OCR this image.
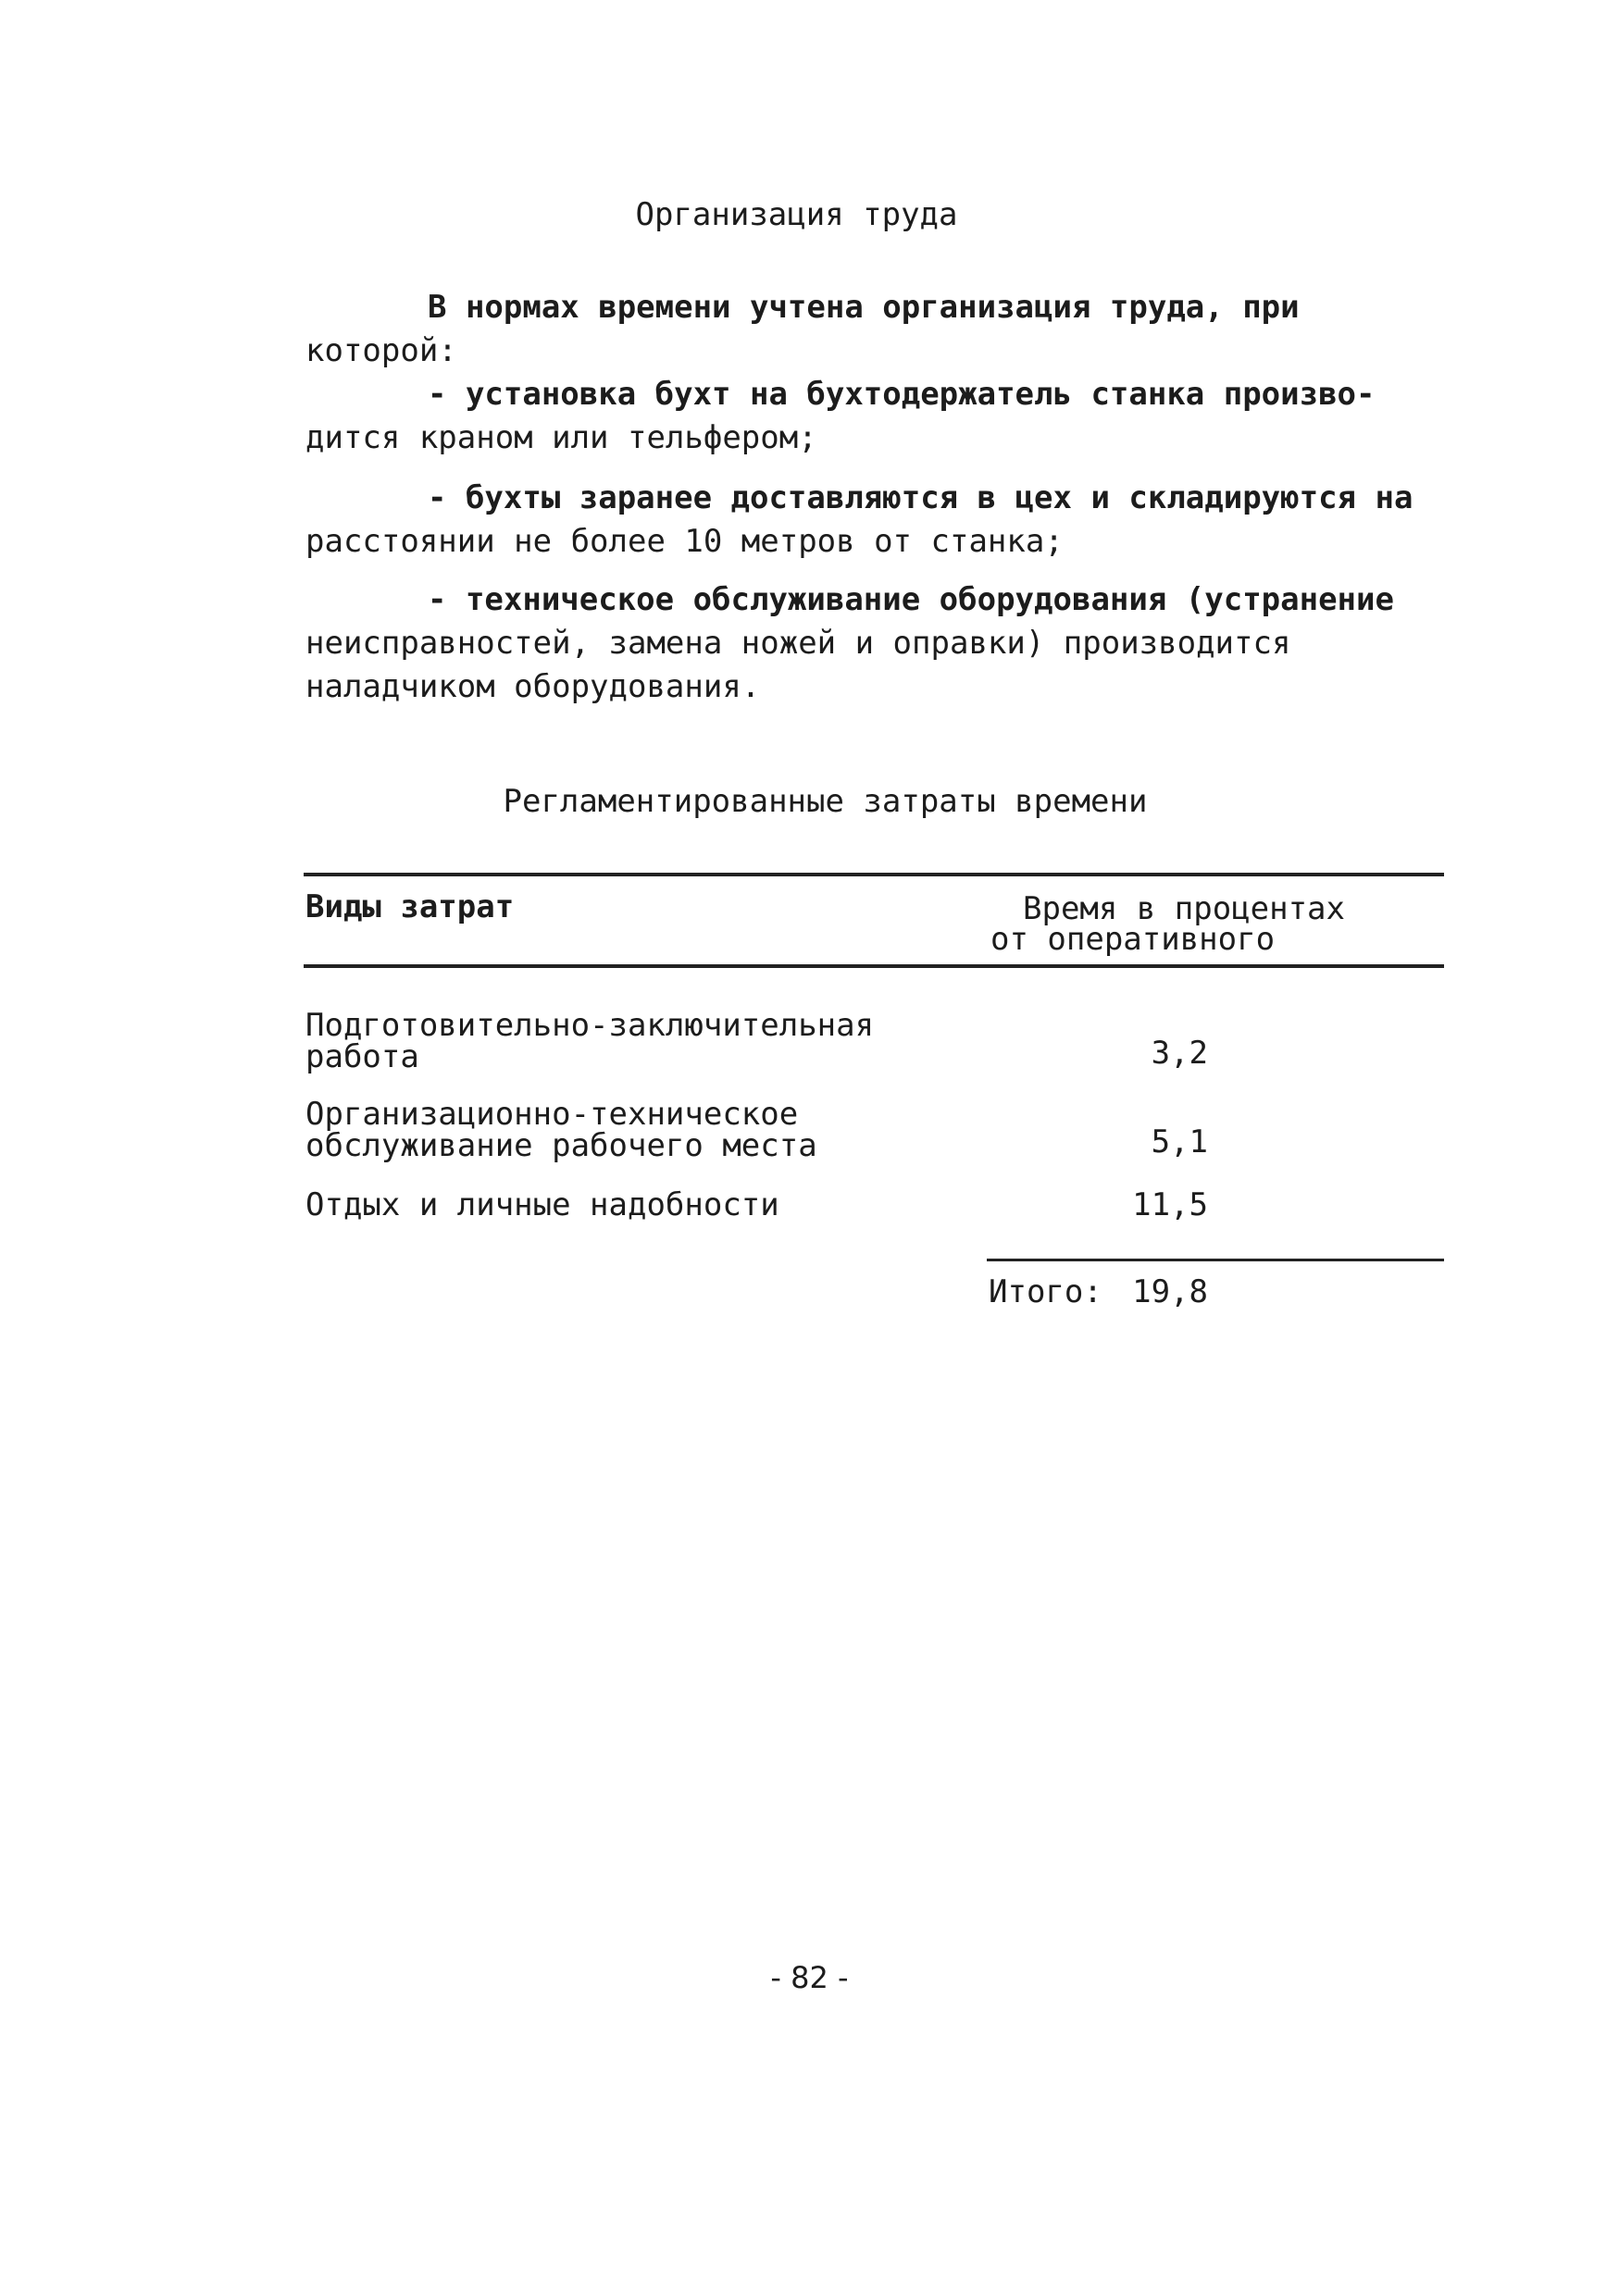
Организация труда
В нормах времени учтена организация труда, при
которой:
- установка бухт на бухтодержатель станка произво-
дится краном или тельфером;
- бухты заранее доставляются в цех и складируются на
расстоянии не более 10 метров от станка;
- техническое обслуживание оборудования (устранение
неисправностей, замена ножей и оправки) производится
наладчиком оборудования.
Регламентированные затраты времени
Виды затрат	Время в процентах
от оперативного
Подготовительно-заключительная
работа	3,2
Организационно-техническое
обслуживание рабочего места	5,1
Отдых и личные надобности	11,5
Итого: 19,8
- 82 -
